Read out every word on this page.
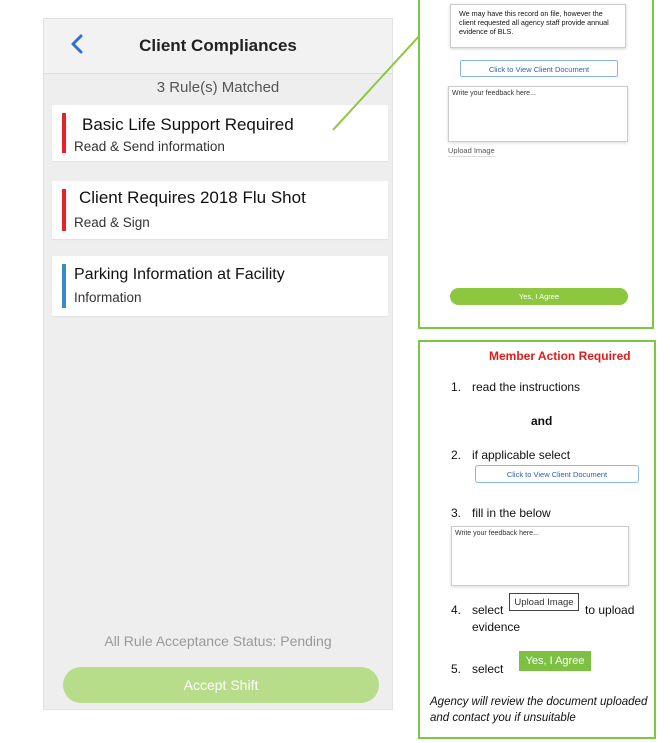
Client Compliances
3 Rule(s) Matched
Basic Life Support Required
Read & Send information
Client Requires 2018 Flu Shot
Read & Sign
Parking Information at Facility
Information
All Rule Acceptance Status: Pending
Accept Shift
We may have this record on file, however the client requested all agency staff provide annual evidence of BLS.
Click to View Client Document
Write your feedback here...
Upload Image
Yes, I Agree
Member Action Required
1. read the instructions
and
2. if applicable select
Click to View Client Document
3. fill in the below
Write your feedback here...
4. select
Upload Image
to upload
evidence
5. select
Yes, I Agree
Agency will review the document uploaded and contact you if unsuitable
